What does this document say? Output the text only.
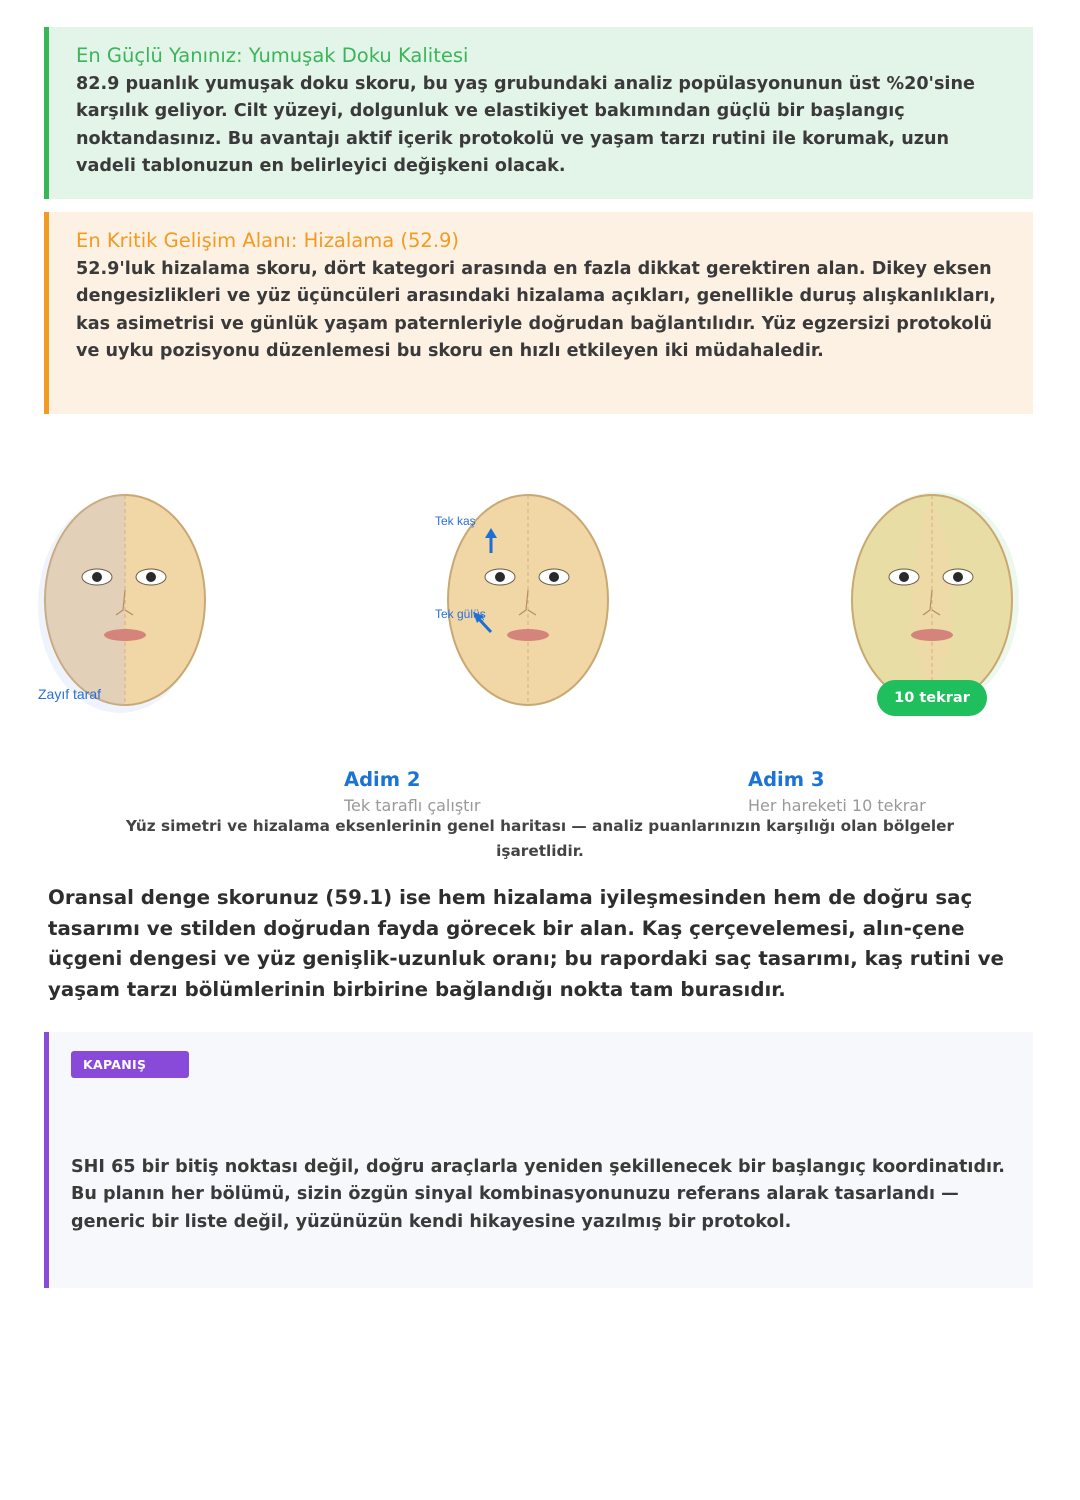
En Güçlü Yanınız: Yumuşak Doku Kalitesi
82.9 puanlık yumuşak doku skoru, bu yaş grubundaki analiz popülasyonunun üst %20'sine karşılık geliyor. Cilt yüzeyi, dolgunluk ve elastikiyet bakımından güçlü bir başlangıç noktandasınız. Bu avantajı aktif içerik protokolü ve yaşam tarzı rutini ile korumak, uzun vadeli tablonuzun en belirleyici değişkeni olacak.
En Kritik Gelişim Alanı: Hizalama (52.9)
52.9'luk hizalama skoru, dört kategori arasında en fazla dikkat gerektiren alan. Dikey eksen dengesizlikleri ve yüz üçüncüleri arasındaki hizalama açıkları, genellikle duruş alışkanlıkları, kas asimetrisi ve günlük yaşam paternleriyle doğrudan bağlantılıdır. Yüz egzersizi protokolü ve uyku pozisyonu düzenlemesi bu skoru en hızlı etkileyen iki müdahaledir.
Zayıf taraf
Tek kaş
Tek gülüş
10 tekrar
Adim 2
Tek taraflı çalıştır
Adim 3
Her hareketi 10 tekrar
Yüz simetri ve hizalama eksenlerinin genel haritası — analiz puanlarınızın karşılığı olan bölgeler işaretlidir.
Oransal denge skorunuz (59.1) ise hem hizalama iyileşmesinden hem de doğru saç tasarımı ve stilden doğrudan fayda görecek bir alan. Kaş çerçevelemesi, alın-çene üçgeni dengesi ve yüz genişlik-uzunluk oranı; bu rapordaki saç tasarımı, kaş rutini ve yaşam tarzı bölümlerinin birbirine bağlandığı nokta tam burasıdır.
KAPANIŞ
SHI 65 bir bitiş noktası değil, doğru araçlarla yeniden şekillenecek bir başlangıç koordinatıdır. Bu planın her bölümü, sizin özgün sinyal kombinasyonunuzu referans alarak tasarlandı — generic bir liste değil, yüzünüzün kendi hikayesine yazılmış bir protokol.
